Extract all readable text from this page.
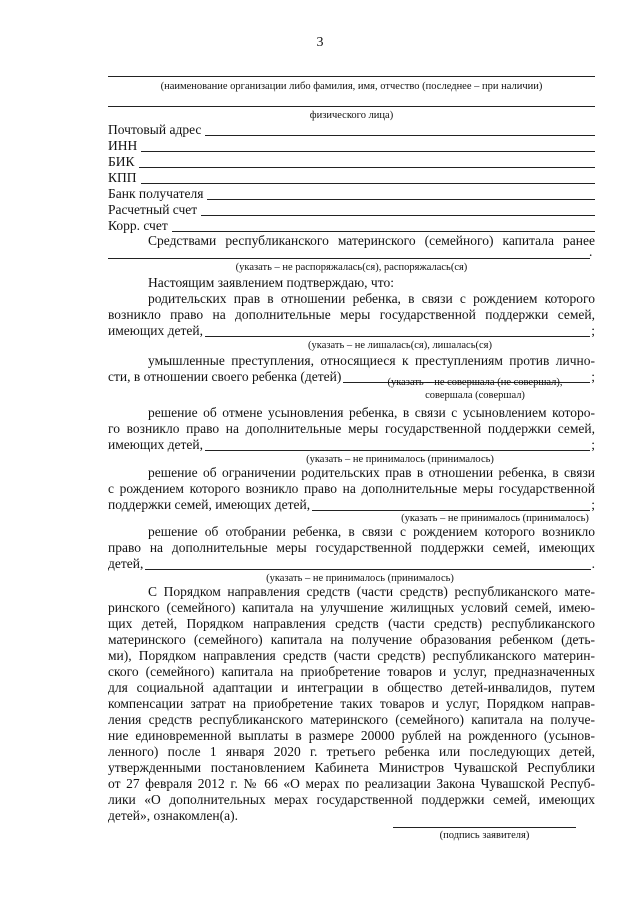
3
(наименование организации либо фамилия, имя, отчество (последнее – при наличии)
физического лица)
Почтовый адрес
ИНН
БИК
КПП
Банк получателя
Расчетный счет
Корр. счет
Средствами республиканского материнского (семейного) капитала ранее
.
(указать – не распоряжалась(ся), распоряжалась(ся)
Настоящим заявлением подтверждаю, что:
родительских прав в отношении ребенка, в связи с рождением которого
возникло право на дополнительные меры государственной поддержки семей,
имеющих детей,	;
(указать – не лишалась(ся), лишалась(ся)
умышленные преступления, относящиеся к преступлениям против лично-
сти, в отношении своего ребенка (детей)	;
(указать – не совершала (не совершал),
совершала (совершал)
решение об отмене усыновления ребенка, в связи с усыновлением которо-
го возникло право на дополнительные меры государственной поддержки семей,
имеющих детей,	;
(указать – не принималось (принималось)
решение об ограничении родительских прав в отношении ребенка, в связи
с рождением которого возникло право на дополнительные меры государственной
поддержки семей, имеющих детей,	;
(указать – не принималось (принималось)
решение об отобрании ребенка, в связи с рождением которого возникло
право на дополнительные меры государственной поддержки семей, имеющих
детей,	.
(указать – не принималось (принималось)
С Порядком направления средств (части средств) республиканского мате-
ринского (семейного) капитала на улучшение жилищных условий семей, имею-
щих детей, Порядком направления средств (части средств) республиканского
материнского (семейного) капитала на получение образования ребенком (деть-
ми), Порядком направления средств (части средств) республиканского материн-
ского (семейного) капитала на приобретение товаров и услуг, предназначенных
для социальной адаптации и интеграции в общество детей-инвалидов, путем
компенсации затрат на приобретение таких товаров и услуг, Порядком направ-
ления средств республиканского материнского (семейного) капитала на получе-
ние единовременной выплаты в размере 20000 рублей на рожденного (усынов-
ленного) после 1 января 2020 г. третьего ребенка или последующих детей,
утвержденными постановлением Кабинета Министров Чувашской Республики
от 27 февраля 2012 г. № 66 «О мерах по реализации Закона Чувашской Респуб-
лики «О дополнительных мерах государственной поддержки семей, имеющих
детей», ознакомлен(а).
(подпись заявителя)
